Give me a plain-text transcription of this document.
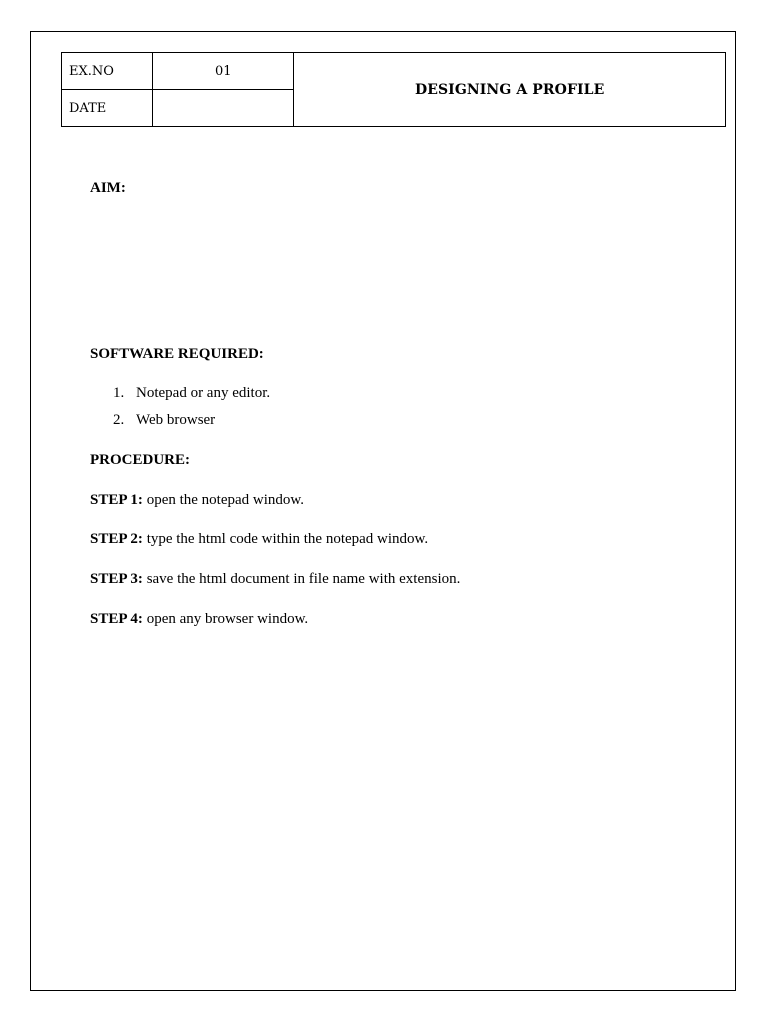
EX.NO	01	DESIGNING A PROFILE
DATE		
AIM:
SOFTWARE REQUIRED:
1. Notepad or any editor.
2. Web browser
PROCEDURE:
STEP 1: open the notepad window.
STEP 2: type the html code within the notepad window.
STEP 3: save the html document in file name with extension.
STEP 4: open any browser window.
